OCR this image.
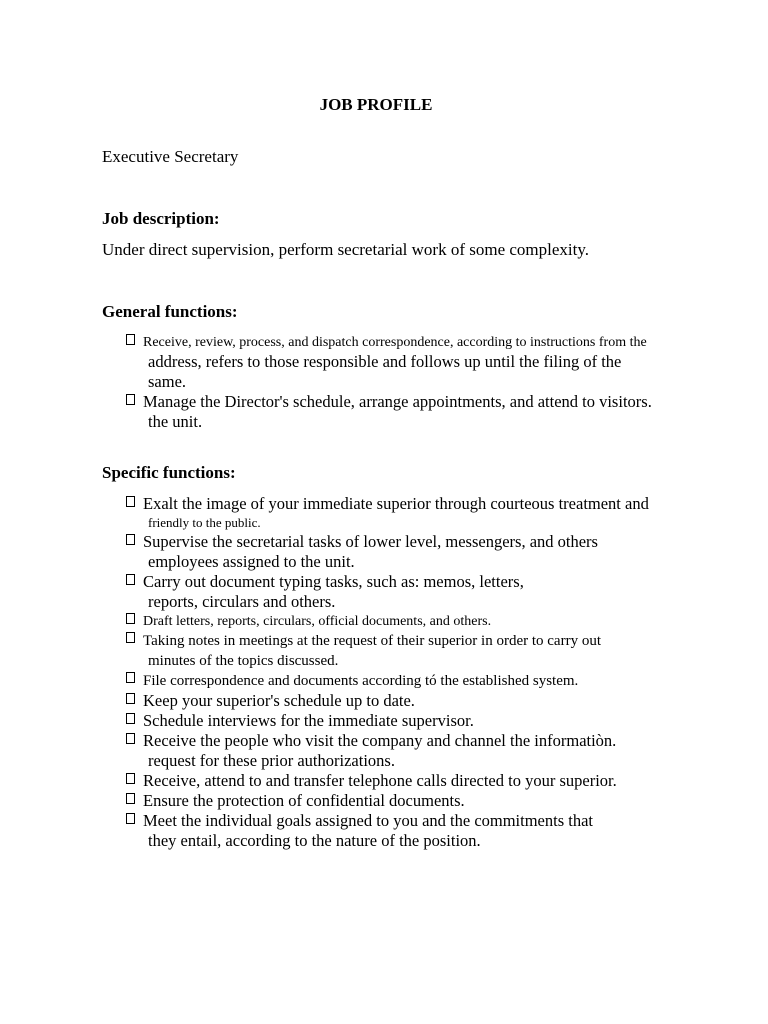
JOB PROFILE
Executive Secretary
Job description:
Under direct supervision, perform secretarial work of some complexity.
General functions:
Receive, review, process, and dispatch correspondence, according to instructions from the
address, refers to those responsible and follows up until the filing of the
same.
Manage the Director's schedule, arrange appointments, and attend to visitors.
the unit.
Specific functions:
Exalt the image of your immediate superior through courteous treatment and
friendly to the public.
Supervise the secretarial tasks of lower level, messengers, and others
employees assigned to the unit.
Carry out document typing tasks, such as: memos, letters,
reports, circulars and others.
Draft letters, reports, circulars, official documents, and others.
Taking notes in meetings at the request of their superior in order to carry out
minutes of the topics discussed.
File correspondence and documents according tó the established system.
Keep your superior's schedule up to date.
Schedule interviews for the immediate supervisor.
Receive the people who visit the company and channel the informatiòn.
request for these prior authorizations.
Receive, attend to and transfer telephone calls directed to your superior.
Ensure the protection of confidential documents.
Meet the individual goals assigned to you and the commitments that
they entail, according to the nature of the position.
